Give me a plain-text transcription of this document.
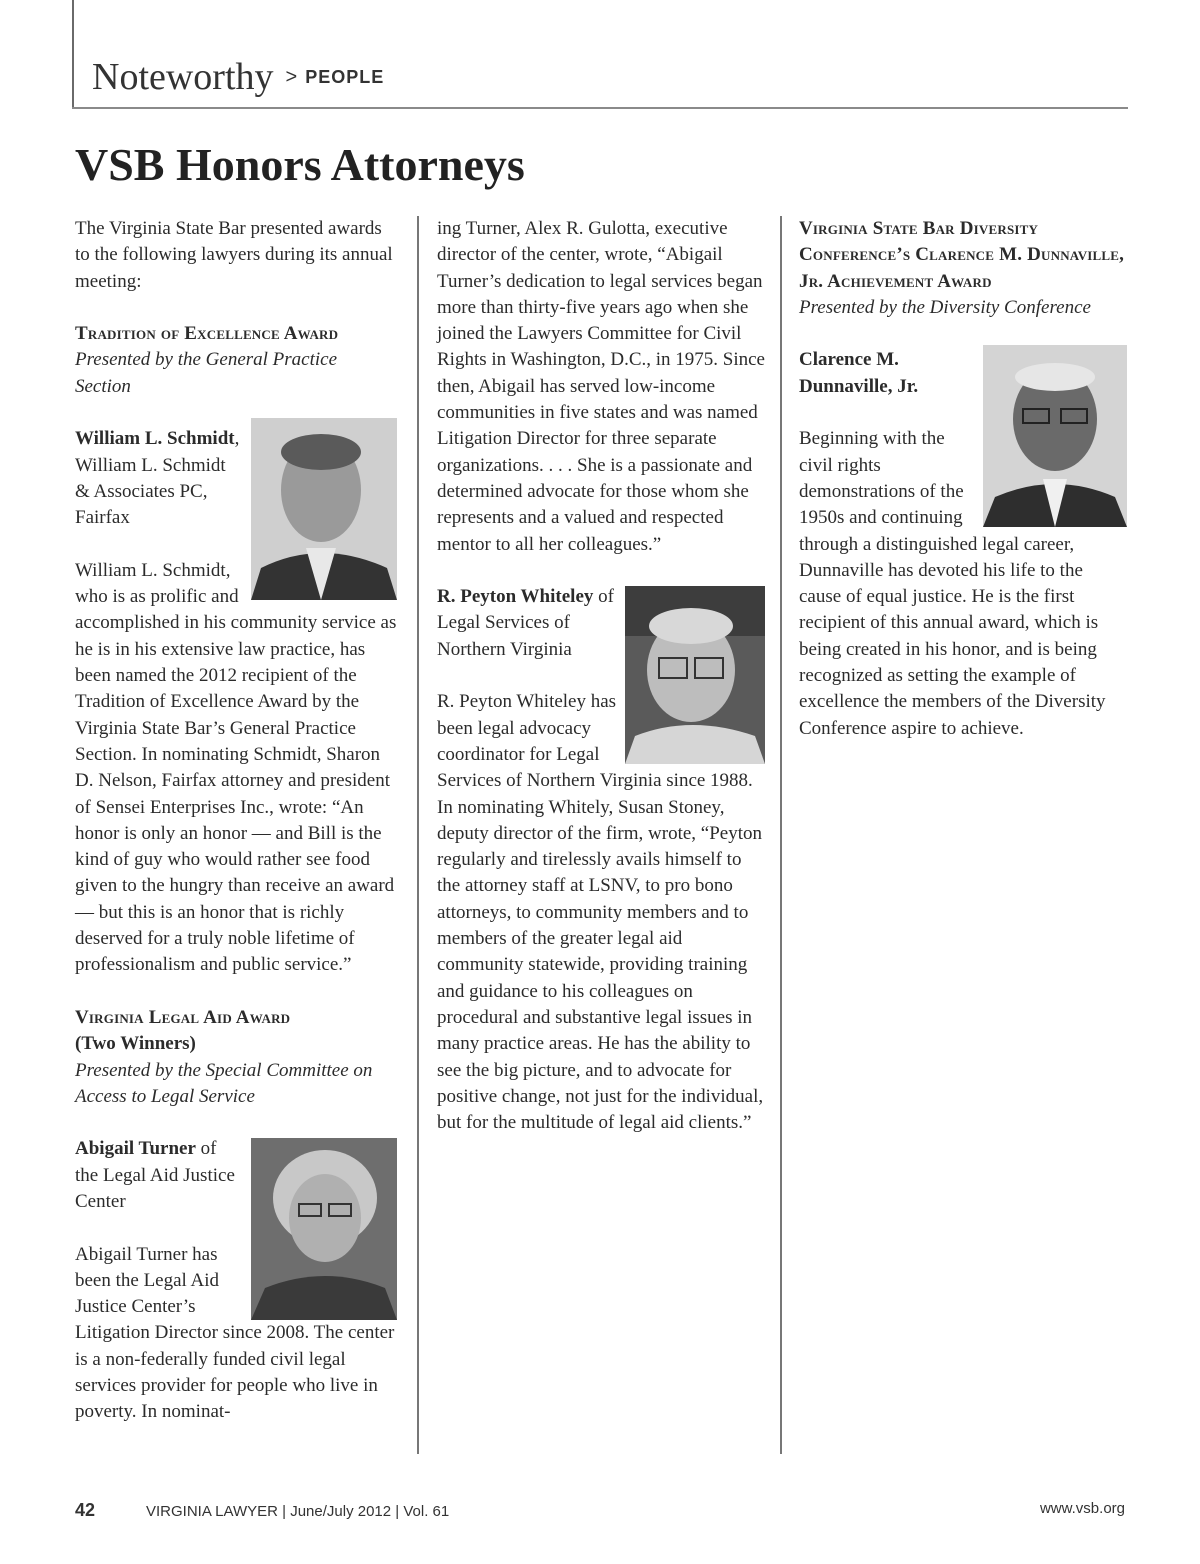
Noteworthy > $^{PEOPLE}$
VSB Honors Attorneys

The Virginia State Bar presented awards to the following lawyers during its annual meeting:

Tradition of Excellence Award

Presented by the General Practice Section

William L. Schmidt, William L. Schmidt & Associates PC, Fairfax

William L. Schmidt, who is as prolific and accomplished in his community service as he is in his extensive law practice, has been named the 2012 recipient of the Tradition of Excellence Award by the Virginia State Bar’s General Practice Section. In nominating Schmidt, Sharon D. Nelson, Fairfax attorney and president of Sensei Enterprises Inc., wrote: “An honor is only an honor — and Bill is the kind of guy who would rather see food given to the hungry than receive an award — but this is an honor that is richly deserved for a truly noble lifetime of professionalism and public service.”

Virginia Legal Aid Award

(Two Winners)

Presented by the Special Committee on Access to Legal Service

Abigail Turner of the Legal Aid Justice Center

Abigail Turner has been the Legal Aid Justice Center’s Litigation Director since 2008. The center is a non-federally funded civil legal services provider for people who live in poverty. In nominat-

ing Turner, Alex R. Gulotta, executive director of the center, wrote, “Abigail Turner’s dedication to legal services began more than thirty-five years ago when she joined the Lawyers Committee for Civil Rights in Washington, D.C., in 1975. Since then, Abigail has served low-income communities in five states and was named Litigation Director for three separate organizations. . . . She is a passionate and determined advocate for those whom she represents and a valued and respected mentor to all her colleagues.”

R. Peyton Whiteley of Legal Services of Northern Virginia

R. Peyton Whiteley has been legal advocacy coordinator for Legal Services of Northern Virginia since 1988. In nominating Whitely, Susan Stoney, deputy director of the firm, wrote, “Peyton regularly and tirelessly avails himself to the attorney staff at LSNV, to pro bono attorneys, to community members and to members of the greater legal aid community statewide, providing training and guidance to his colleagues on procedural and substantive legal issues in many practice areas. He has the ability to see the big picture, and to advocate for positive change, not just for the individual, but for the multitude of legal aid clients.”

Virginia State Bar Diversity Conference’s Clarence M. Dunnaville, Jr. Achievement Award

Presented by the Diversity Conference

Clarence M. Dunnaville, Jr.

Beginning with the civil rights demonstrations of the 1950s and continuing through a distinguished legal career, Dunnaville has devoted his life to the cause of equal justice. He is the first recipient of this annual award, which is being created in his honor, and is being recognized as setting the example of excellence the members of the Diversity Conference aspire to achieve.

42	VIRGINIA LAWYER | June/July 2012 | Vol. 61	www.vsb.org
